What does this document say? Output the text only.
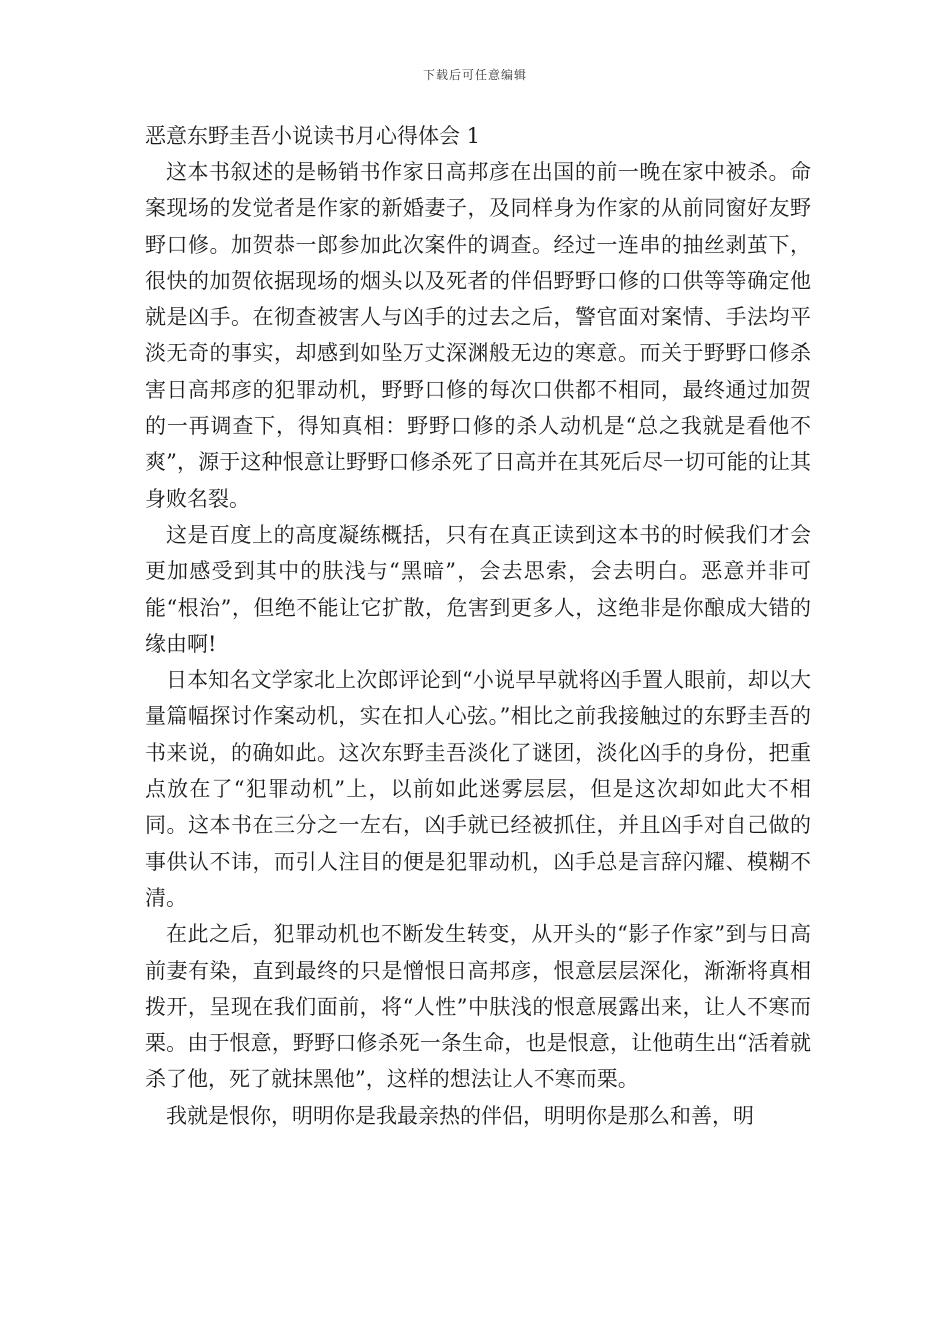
下载后可任意编辑
恶意东野圭吾小说读书月心得体会 1

这本书叙述的是畅销书作家日高邦彦在出国的前一晚在家中被杀。命案现场的发觉者是作家的新婚妻子，及同样身为作家的从前同窗好友野野口修。加贺恭一郎参加此次案件的调查。经过一连串的抽丝剥茧下，很快的加贺依据现场的烟头以及死者的伴侣野野口修的口供等等确定他就是凶手。在彻查被害人与凶手的过去之后，警官面对案情、手法均平淡无奇的事实，却感到如坠万丈深渊般无边的寒意。而关于野野口修杀害日高邦彦的犯罪动机，野野口修的每次口供都不相同，最终通过加贺的一再调查下，得知真相：野野口修的杀人动机是“总之我就是看他不爽”，源于这种恨意让野野口修杀死了日高并在其死后尽一切可能的让其身败名裂。

这是百度上的高度凝练概括，只有在真正读到这本书的时候我们才会更加感受到其中的肤浅与“黑暗”，会去思索，会去明白。恶意并非可能“根治”，但绝不能让它扩散，危害到更多人，这绝非是你酿成大错的缘由啊!

日本知名文学家北上次郎评论到“小说早早就将凶手置人眼前，却以大量篇幅探讨作案动机，实在扣人心弦。”相比之前我接触过的东野圭吾的书来说，的确如此。这次东野圭吾淡化了谜团，淡化凶手的身份，把重点放在了“犯罪动机”上，以前如此迷雾层层，但是这次却如此大不相同。这本书在三分之一左右，凶手就已经被抓住，并且凶手对自己做的事供认不讳，而引人注目的便是犯罪动机，凶手总是言辞闪耀、模糊不清。

在此之后，犯罪动机也不断发生转变，从开头的“影子作家”到与日高前妻有染，直到最终的只是憎恨日高邦彦，恨意层层深化，渐渐将真相拨开，呈现在我们面前，将“人性”中肤浅的恨意展露出来，让人不寒而栗。由于恨意，野野口修杀死一条生命，也是恨意，让他萌生出“活着就杀了他，死了就抹黑他”，这样的想法让人不寒而栗。

我就是恨你，明明你是我最亲热的伴侣，明明你是那么和善，明
